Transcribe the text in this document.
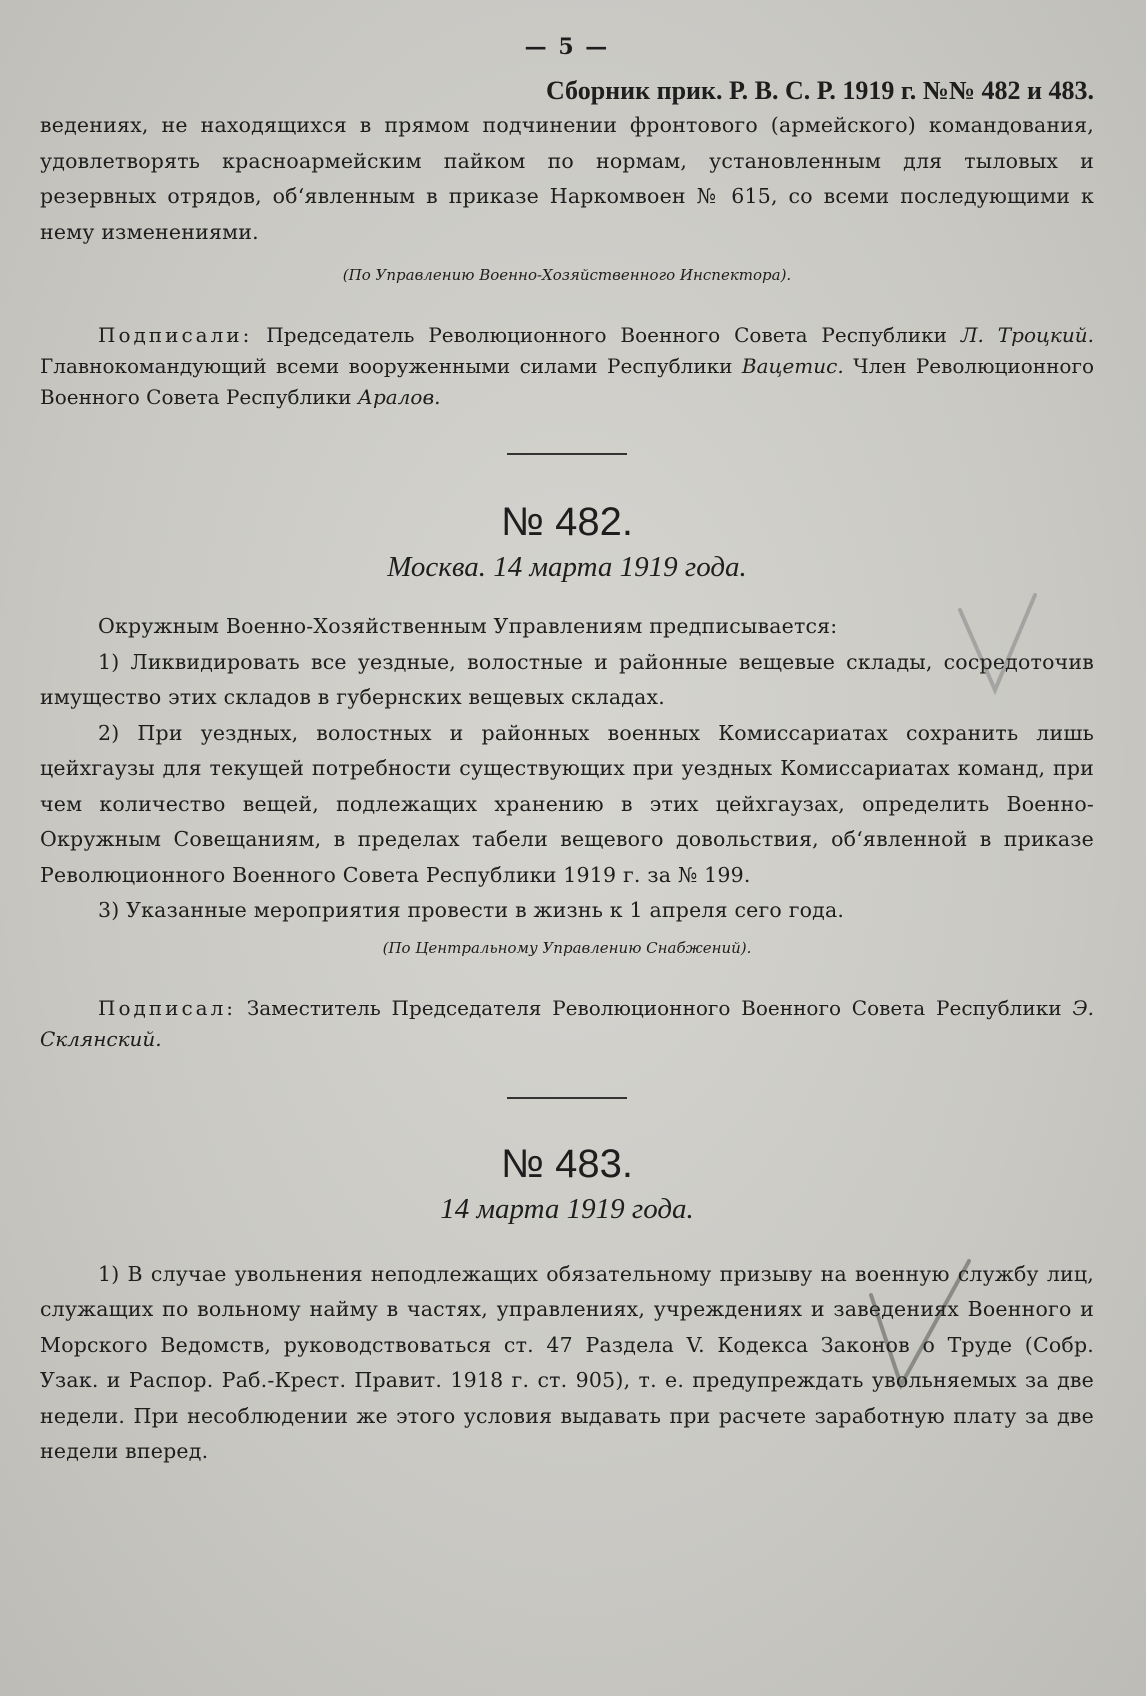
— 5 —
Сборник прик. Р. В. С. Р. 1919 г. №№ 482 и 483.

ведениях, не находящихся в прямом подчинении фронтового (армейского) командования, удовлетворять красноармейским пайком по нормам, установленным для тыловых и резервных отрядов, об‘явленным в приказе Наркомвоен № 615, со всеми последующими к нему изменениями.

(По Управлению Военно-Хозяйственного Инспектора).

Подписали: Председатель Революционного Военного Совета Республики Л. Троцкий. Главнокомандующий всеми вооруженными силами Республики Вацетис. Член Революционного Военного Совета Республики Аралов.

№ 482.
Москва. 14 марта 1919 года.

Окружным Военно-Хозяйственным Управлениям предписывается:

1) Ликвидировать все уездные, волостные и районные вещевые склады, сосредоточив имущество этих складов в губернских вещевых складах.

2) При уездных, волостных и районных военных Комиссариатах сохранить лишь цейхгаузы для текущей потребности существующих при уездных Комиссариатах команд, при чем количество вещей, подлежащих хранению в этих цейхгаузах, определить Военно-Окружным Совещаниям, в пределах табели вещевого довольствия, об‘явленной в приказе Революционного Военного Совета Республики 1919 г. за № 199.

3) Указанные мероприятия провести в жизнь к 1 апреля сего года.

(По Центральному Управлению Снабжений).

Подписал: Заместитель Председателя Революционного Военного Совета Республики Э. Склянский.

№ 483.
14 марта 1919 года.

1) В случае увольнения неподлежащих обязательному призыву на военную службу лиц, служащих по вольному найму в частях, управлениях, учреждениях и заведениях Военного и Морского Ведомств, руководствоваться ст. 47 Раздела V. Кодекса Законов о Труде (Собр. Узак. и Распор. Раб.-Крест. Правит. 1918 г. ст. 905), т. е. предупреждать увольняемых за две недели. При несоблюдении же этого условия выдавать при расчете заработную плату за две недели вперед.
